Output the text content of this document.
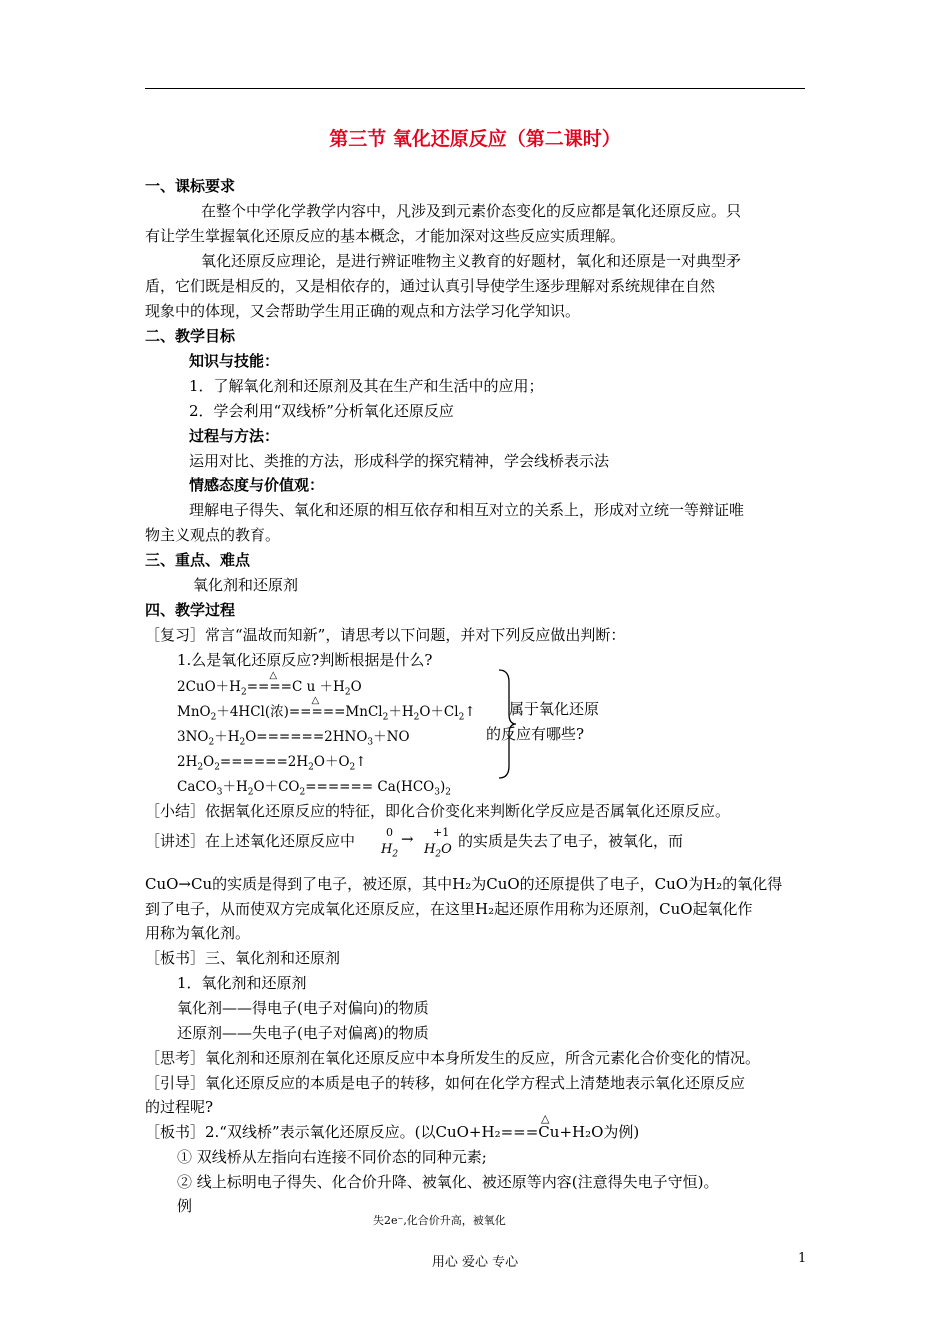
第三节 氧化还原反应（第二课时）
一、课标要求
在整个中学化学教学内容中，凡涉及到元素价态变化的反应都是氧化还原反应。只
有让学生掌握氧化还原反应的基本概念，才能加深对这些反应实质理解。
氧化还原反应理论，是进行辨证唯物主义教育的好题材，氧化和还原是一对典型矛
盾，它们既是相反的，又是相依存的，通过认真引导使学生逐步理解对系统规律在自然
现象中的体现，又会帮助学生用正确的观点和方法学习化学知识。
二、教学目标
知识与技能：
1．了解氧化剂和还原剂及其在生产和生活中的应用；
2．学会利用“双线桥”分析氧化还原反应
过程与方法：
运用对比、类推的方法，形成科学的探究精神，学会线桥表示法
情感态度与价值观：
理解电子得失、氧化和还原的相互依存和相互对立的关系上，形成对立统一等辩证唯
物主义观点的教育。
三、重点、难点
氧化剂和还原剂
四、教学过程
［复习］常言“温故而知新”，请思考以下问题，并对下列反应做出判断：
1.么是氧化还原反应?判断根据是什么?
$2CuO+H_2===$
△
=C $u +H_2O$
MnO$_2$＋4HCl(浓)===
△
$==MnCl_2+H_2O+Cl_2↑$
$3NO_2+H_2O======2HNO_3+NO$
$2H_2O_2======2H_2O+O_2↑$
$CaCO_3+H_2O+CO_2====== Ca(HCO_3)_2$
属于氧化还原
的反应有哪些?
［小结］依据氧化还原反应的特征，即化合价变化来判断化学反应是否属氧化还原反应。
［讲述］在上述氧化还原反应中	0
$H_2$
→ +1
$H_2O$ 的实质是失去了电子，被氧化，而
CuO→Cu的实质是得到了电子，被还原，其中H₂为CuO的还原提供了电子，CuO为H₂的氧化得
到了电子，从而使双方完成氧化还原反应，在这里H₂起还原作用称为还原剂，CuO起氧化作
用称为氧化剂。
［板书］三、氧化剂和还原剂
1．氧化剂和还原剂
氧化剂——得电子(电子对偏向)的物质
还原剂——失电子(电子对偏离)的物质
［思考］氧化剂和还原剂在氧化还原反应中本身所发生的反应，所含元素化合价变化的情况。
［引导］氧化还原反应的本质是电子的转移，如何在化学方程式上清楚地表示氧化还原反应
的过程呢?
［板书］2.“双线桥”表示氧化还原反应。(以CuO+H₂===Cu+H₂O为例)
△
① 双线桥从左指向右连接不同价态的同种元素;
② 线上标明电子得失、化合价升降、被氧化、被还原等内容(注意得失电子守恒)。
例
失2e⁻,化合价升高，被氧化
用心 爱心 专心	1
